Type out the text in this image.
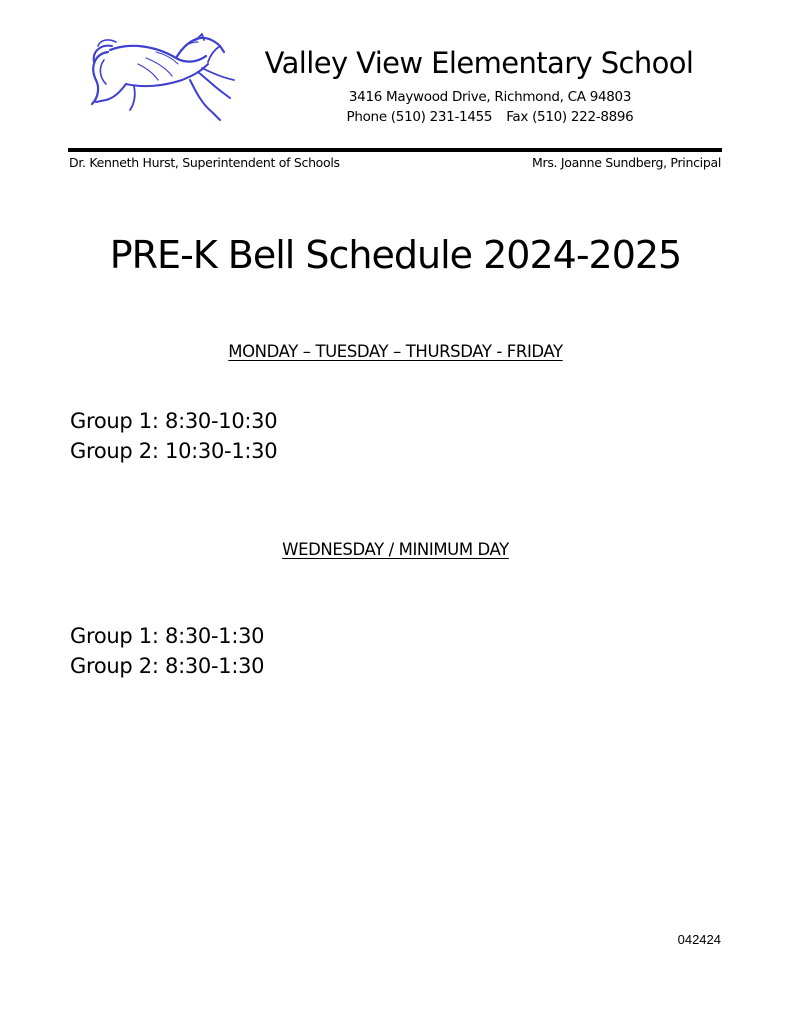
Valley View Elementary School
3416 Maywood Drive, Richmond, CA 94803
Phone (510) 231-1455 Fax (510) 222-8896
Dr. Kenneth Hurst, Superintendent of Schools	Mrs. Joanne Sundberg, Principal
PRE-K Bell Schedule 2024-2025
MONDAY – TUESDAY – THURSDAY - FRIDAY
Group 1: 8:30-10:30
Group 2: 10:30-1:30
WEDNESDAY / MINIMUM DAY
Group 1: 8:30-1:30
Group 2: 8:30-1:30
042424
